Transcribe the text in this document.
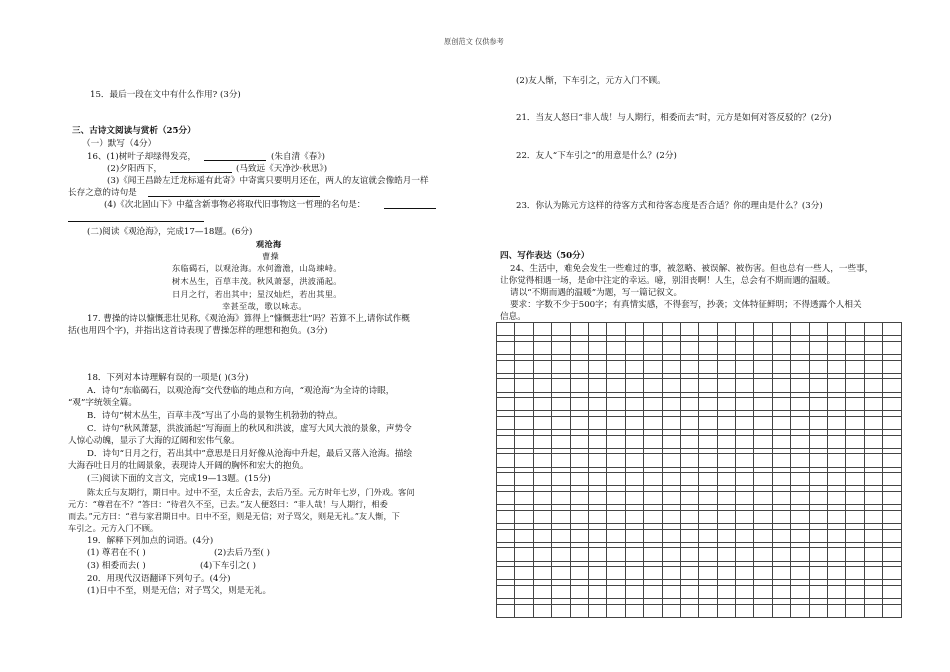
原创范文 仅供参考
15．最后一段在文中有什么作用? (3分)
三、古诗文阅读与赏析（25分）
（一）默写（4分）
16、(1)树叶子却绿得发亮，	(朱自清《春》)
(2)夕阳西下，	(马致远《天净沙·秋思》)
(3)《闻王昌龄左迁龙标遥有此寄》中寄寓只要明月还在，两人的友谊就会像皓月一样
长存之意的诗句是
(4)《次北固山下》中蕴含新事物必将取代旧事物这一哲理的名句是：
(二)阅读《观沧海》，完成17—18题。(6分)
观沧海
曹操
东临碣石，以观沧海。水何澹澹，山岛竦峙。
树木丛生，百草丰茂。秋风萧瑟，洪波涌起。
日月之行，若出其中；星汉灿烂，若出其里。
幸甚至哉，歌以咏志。
17. 曹操的诗以慷慨悲壮见称,《观沧海》算得上“慷慨悲壮”吗？若算不上,请你试作概
括(也用四个字)，并指出这首诗表现了曹操怎样的理想和抱负。(3分)
18．下列对本诗理解有误的一项是( )(3分)
A．诗句“东临碣石，以观沧海”交代登临的地点和方向，“观沧海”为全诗的诗眼，
“观”字统领全篇。
B．诗句“树木丛生，百草丰茂”写出了小岛的景物生机勃勃的特点。
C．诗句“秋风萧瑟，洪波涌起”写海面上的秋风和洪波，虚写大风大浪的景象，声势令
人惊心动魄，显示了大海的辽阔和宏伟气象。
D．诗句“日月之行，若出其中”意思是日月好像从沧海中升起，最后又落入沧海。描绘
大海吞吐日月的壮阔景象，表现诗人开阔的胸怀和宏大的抱负。
(三)阅读下面的文言文，完成19—13题。(15分)
陈太丘与友期行，期日中。过中不至，太丘舍去，去后乃至。元方时年七岁，门外戏。客问
元方：“尊君在不？”答曰：“待君久不至，已去。”友人便怒曰：“非人哉！与人期行，相委
而去。”元方曰：“君与家君期日中。日中不至，则是无信；对子骂父，则是无礼。”友人惭，下
车引之。元方入门不顾。
19．解释下列加点的词语。(4分)
(1) 尊君在不( )	(2)去后乃至( )
(3) 相委而去( )	(4)下车引之( )
20．用现代汉语翻译下列句子。(4分)
(1)日中不至，则是无信；对子骂父，则是无礼。
(2)友人惭，下车引之，元方入门不顾。
21．当友人怒曰“非人哉！与人期行，相委而去”时，元方是如何对答反驳的？(2分)
22．友人“下车引之”的用意是什么？(2分)
23．你认为陈元方这样的待客方式和待客态度是否合适？你的理由是什么？(3分)
四、写作表达（50分）
24、生活中，难免会发生一些难过的事，被忽略、被误解、被伤害。但也总有一些人，一些事，
让你觉得相遇一场，是命中注定的幸运。噫，别泪丧啊！人生，总会有不期而遇的温暖。
请以“不期而遇的温暖”为题，写一篇记叙文。
要求：字数不少于500字；有真情实感，不得套写，抄袭；文体特征鲜明；不得透露个人相关
信息。
